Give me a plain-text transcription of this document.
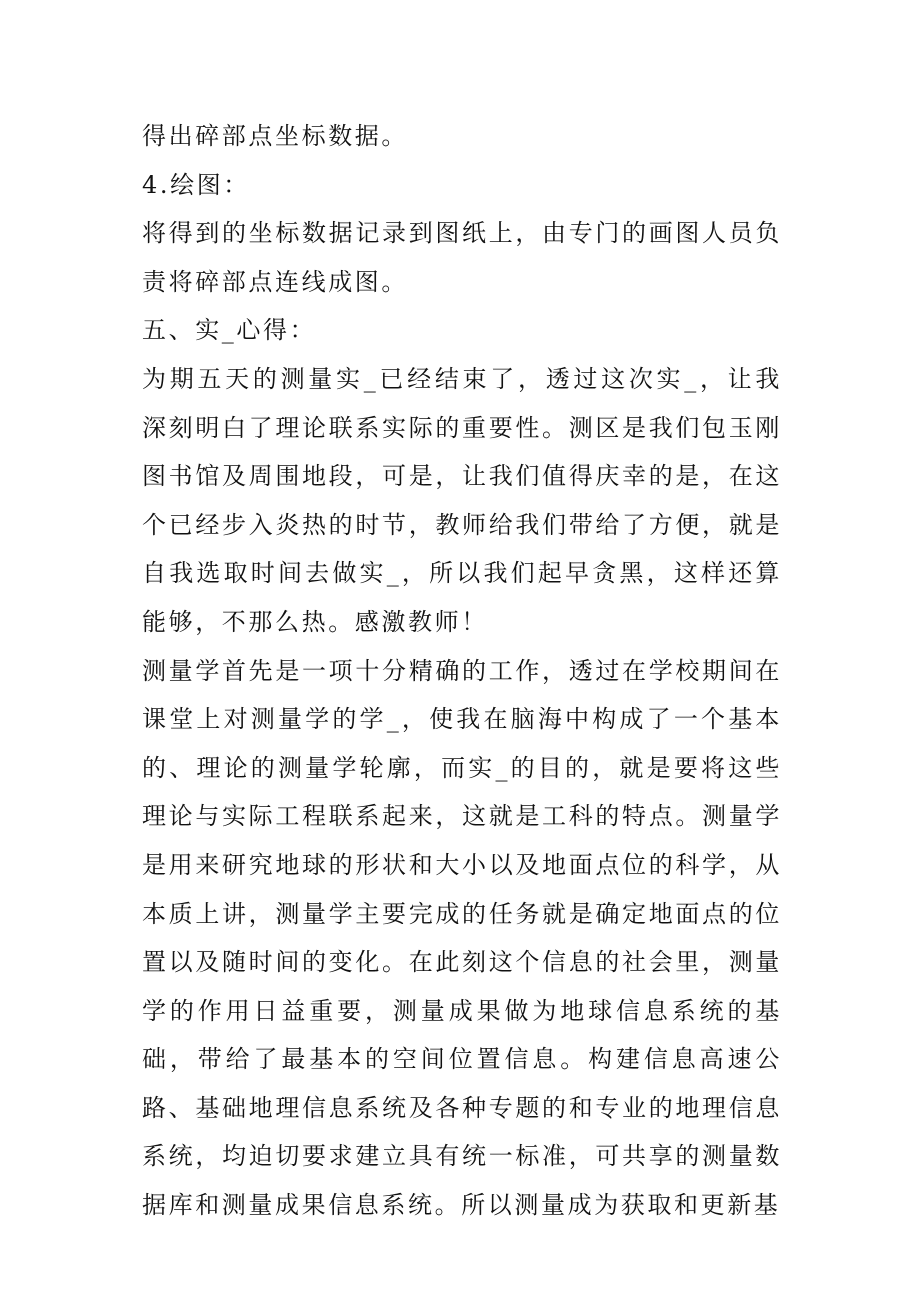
得出碎部点坐标数据。

4.绘图：

将得到的坐标数据记录到图纸上，由专门的画图人员负责将碎部点连线成图。

五、实_心得：

为期五天的测量实_已经结束了，透过这次实_，让我深刻明白了理论联系实际的重要性。测区是我们包玉刚图书馆及周围地段，可是，让我们值得庆幸的是，在这个已经步入炎热的时节，教师给我们带给了方便，就是自我选取时间去做实_，所以我们起早贪黑，这样还算能够，不那么热。感激教师！

测量学首先是一项十分精确的工作，透过在学校期间在课堂上对测量学的学_，使我在脑海中构成了一个基本的、理论的测量学轮廓，而实_的目的，就是要将这些理论与实际工程联系起来，这就是工科的特点。测量学是用来研究地球的形状和大小以及地面点位的科学，从本质上讲，测量学主要完成的任务就是确定地面点的位置以及随时间的变化。在此刻这个信息的社会里，测量学的作用日益重要，测量成果做为地球信息系统的基础，带给了最基本的空间位置信息。构建信息高速公路、基础地理信息系统及各种专题的和专业的地理信息系统，均迫切要求建立具有统一标准，可共享的测量数据库和测量成果信息系统。所以测量成为获取和更新基
